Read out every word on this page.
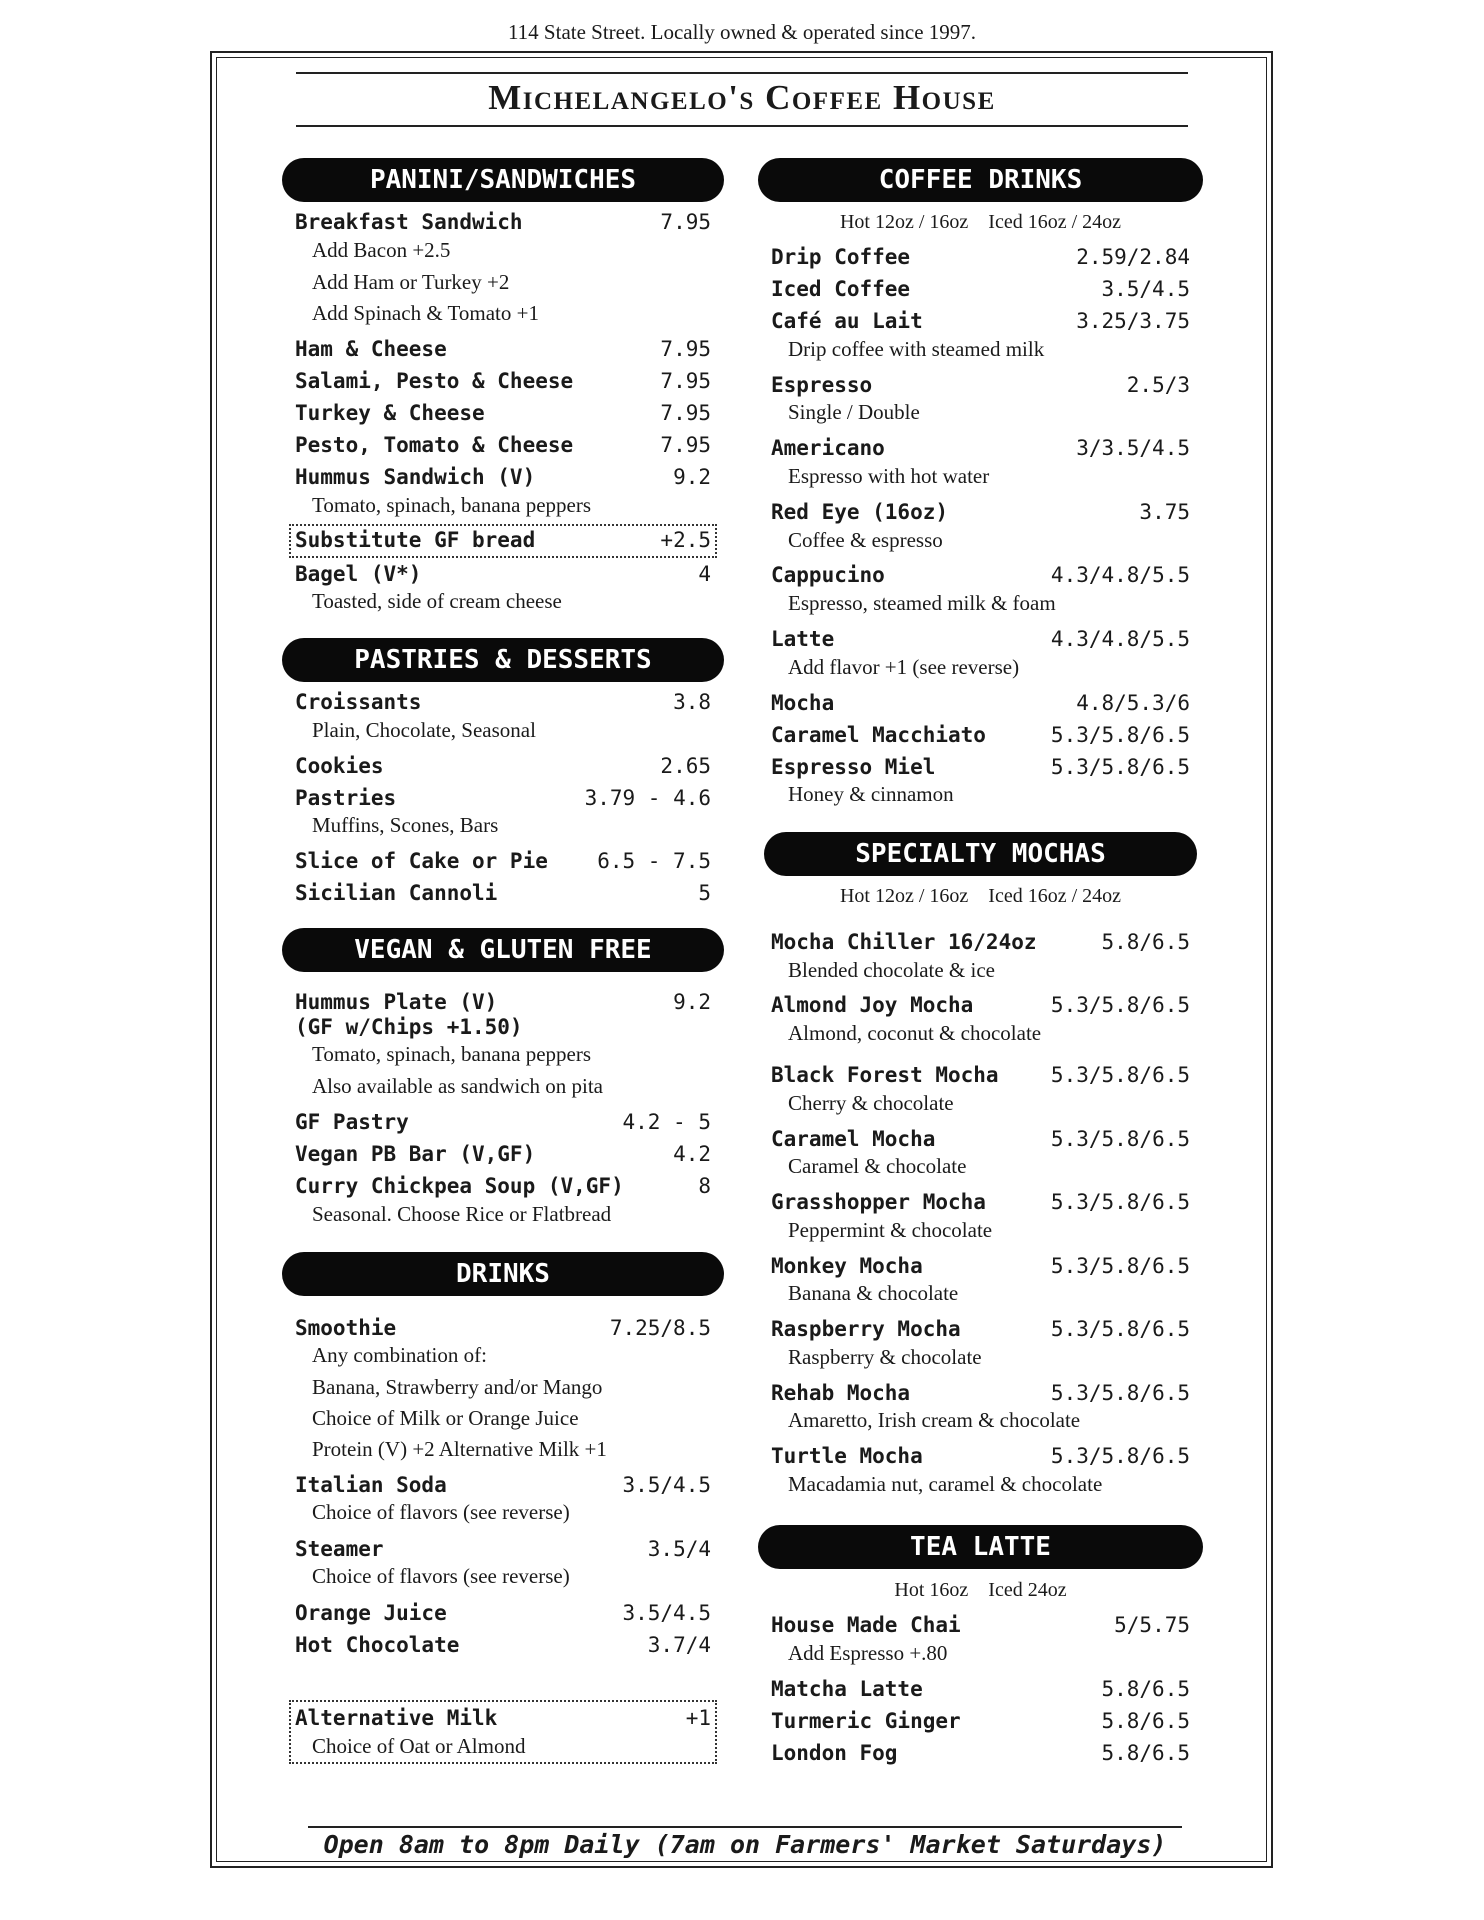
114 State Street. Locally owned & operated since 1997.
Michelangelo's Coffee House
PANINI/SANDWICHES
Breakfast Sandwich	7.95
Add Bacon +2.5
Add Ham or Turkey +2
Add Spinach & Tomato +1
Ham & Cheese	7.95
Salami, Pesto & Cheese	7.95
Turkey & Cheese	7.95
Pesto, Tomato & Cheese	7.95
Hummus Sandwich (V)	9.2
Tomato, spinach, banana peppers
Substitute GF bread	+2.5
Bagel (V*)	4
Toasted, side of cream cheese
PASTRIES & DESSERTS
Croissants	3.8
Plain, Chocolate, Seasonal
Cookies	2.65
Pastries	3.79 - 4.6
Muffins, Scones, Bars
Slice of Cake or Pie 6.5 - 7.5
Sicilian Cannoli	5
VEGAN & GLUTEN FREE
Hummus Plate (V)	9.2
(GF w/Chips +1.50)
Tomato, spinach, banana peppers
Also available as sandwich on pita
GF Pastry	4.2 - 5
Vegan PB Bar (V,GF)	4.2
Curry Chickpea Soup (V,GF)	8
Seasonal. Choose Rice or Flatbread
DRINKS
Smoothie	7.25/8.5
Any combination of:
Banana, Strawberry and/or Mango
Choice of Milk or Orange Juice
Protein (V) +2 Alternative Milk +1
Italian Soda	3.5/4.5
Choice of flavors (see reverse)
Steamer	3.5/4
Choice of flavors (see reverse)
Orange Juice	3.5/4.5
Hot Chocolate	3.7/4
Alternative Milk	+1
Choice of Oat or Almond
COFFEE DRINKS
Hot 12oz / 16oz Iced 16oz / 24oz
Drip Coffee	2.59/2.84
Iced Coffee	3.5/4.5
Café au Lait	3.25/3.75
Drip coffee with steamed milk
Espresso	2.5/3
Single / Double
Americano	3/3.5/4.5
Espresso with hot water
Red Eye (16oz)	3.75
Coffee & espresso
Cappucino	4.3/4.8/5.5
Espresso, steamed milk & foam
Latte	4.3/4.8/5.5
Add flavor +1 (see reverse)
Mocha	4.8/5.3/6
Caramel Macchiato	5.3/5.8/6.5
Espresso Miel	5.3/5.8/6.5
Honey & cinnamon
SPECIALTY MOCHAS
Hot 12oz / 16oz Iced 16oz / 24oz
Mocha Chiller 16/24oz	5.8/6.5
Blended chocolate & ice
Almond Joy Mocha	5.3/5.8/6.5
Almond, coconut & chocolate
Black Forest Mocha 5.3/5.8/6.5
Cherry & chocolate
Caramel Mocha	5.3/5.8/6.5
Caramel & chocolate
Grasshopper Mocha	5.3/5.8/6.5
Peppermint & chocolate
Monkey Mocha	5.3/5.8/6.5
Banana & chocolate
Raspberry Mocha	5.3/5.8/6.5
Raspberry & chocolate
Rehab Mocha	5.3/5.8/6.5
Amaretto, Irish cream & chocolate
Turtle Mocha	5.3/5.8/6.5
Macadamia nut, caramel & chocolate
TEA LATTE
Hot 16oz Iced 24oz
House Made Chai	5/5.75
Add Espresso +.80
Matcha Latte	5.8/6.5
Turmeric Ginger	5.8/6.5
London Fog	5.8/6.5
Open 8am to 8pm Daily (7am on Farmers' Market Saturdays)
